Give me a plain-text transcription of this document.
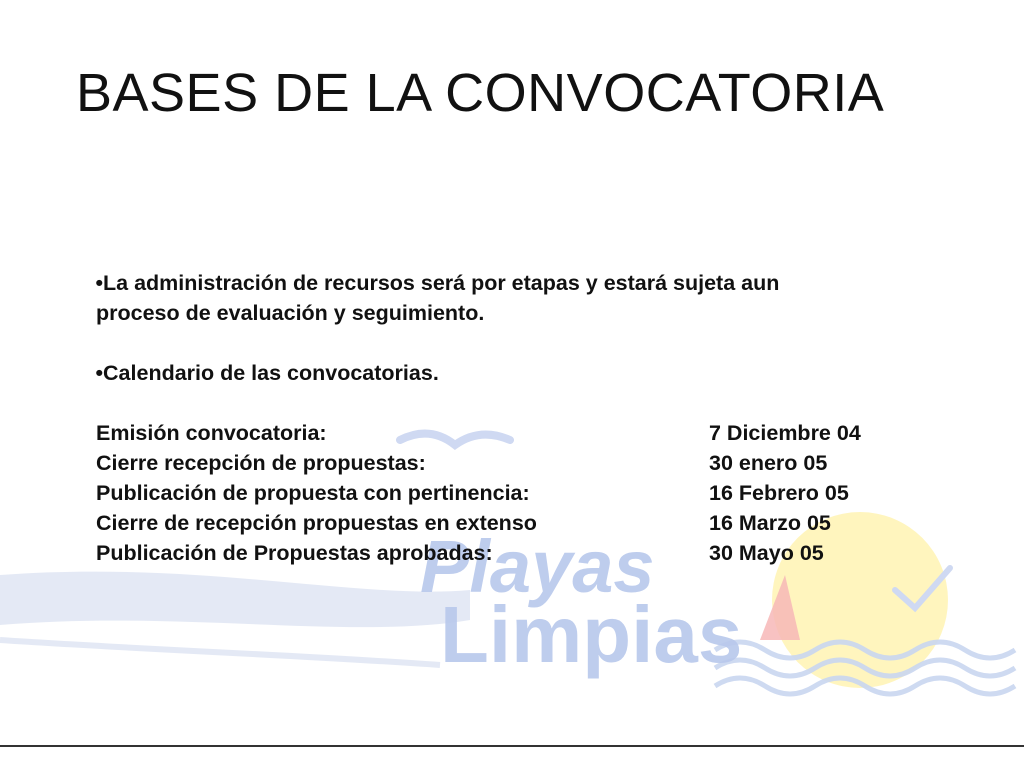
Playas
Limpias
BASES DE LA CONVOCATORIA

•La administración de recursos será por etapas y estará sujeta aun
proceso de evaluación y seguimiento.

•Calendario de las convocatorias.

Emisión convocatoria:	7 Diciembre 04
Cierre recepción de propuestas:	30 enero 05
Publicación de propuesta con pertinencia:	16 Febrero 05
Cierre de recepción propuestas en extenso	16 Marzo 05
Publicación de Propuestas aprobadas:	30 Mayo 05
